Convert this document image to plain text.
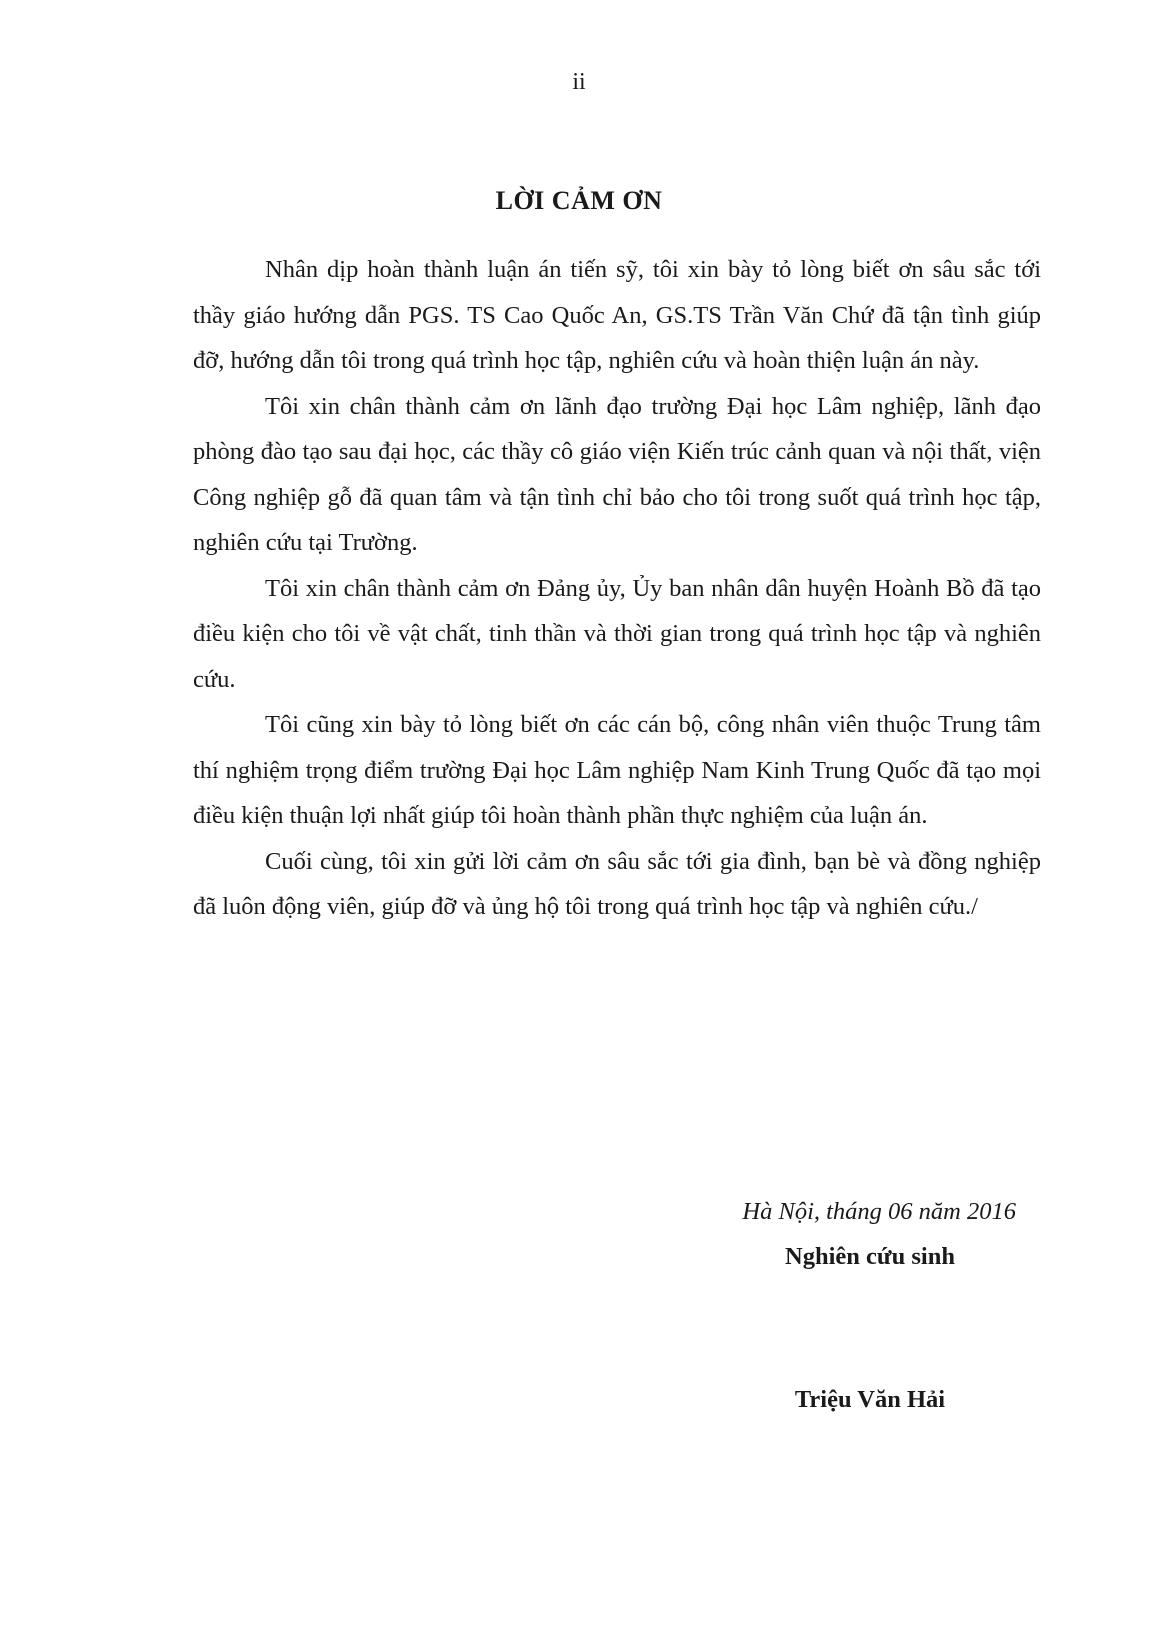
ii
LỜI CẢM ƠN

Nhân dịp hoàn thành luận án tiến sỹ, tôi xin bày tỏ lòng biết ơn sâu sắc tới thầy giáo hướng dẫn PGS. TS Cao Quốc An, GS.TS Trần Văn Chứ đã tận tình giúp đỡ, hướng dẫn tôi trong quá trình học tập, nghiên cứu và hoàn thiện luận án này.

Tôi xin chân thành cảm ơn lãnh đạo trường Đại học Lâm nghiệp, lãnh đạo phòng đào tạo sau đại học, các thầy cô giáo viện Kiến trúc cảnh quan và nội thất, viện Công nghiệp gỗ đã quan tâm và tận tình chỉ bảo cho tôi trong suốt quá trình học tập, nghiên cứu tại Trường.

Tôi xin chân thành cảm ơn Đảng ủy, Ủy ban nhân dân huyện Hoành Bồ đã tạo điều kiện cho tôi về vật chất, tinh thần và thời gian trong quá trình học tập và nghiên cứu.

Tôi cũng xin bày tỏ lòng biết ơn các cán bộ, công nhân viên thuộc Trung tâm thí nghiệm trọng điểm trường Đại học Lâm nghiệp Nam Kinh Trung Quốc đã tạo mọi điều kiện thuận lợi nhất giúp tôi hoàn thành phần thực nghiệm của luận án.

Cuối cùng, tôi xin gửi lời cảm ơn sâu sắc tới gia đình, bạn bè và đồng nghiệp đã luôn động viên, giúp đỡ và ủng hộ tôi trong quá trình học tập và nghiên cứu./

Hà Nội, tháng 06 năm 2016
Nghiên cứu sinh
Triệu Văn Hải
